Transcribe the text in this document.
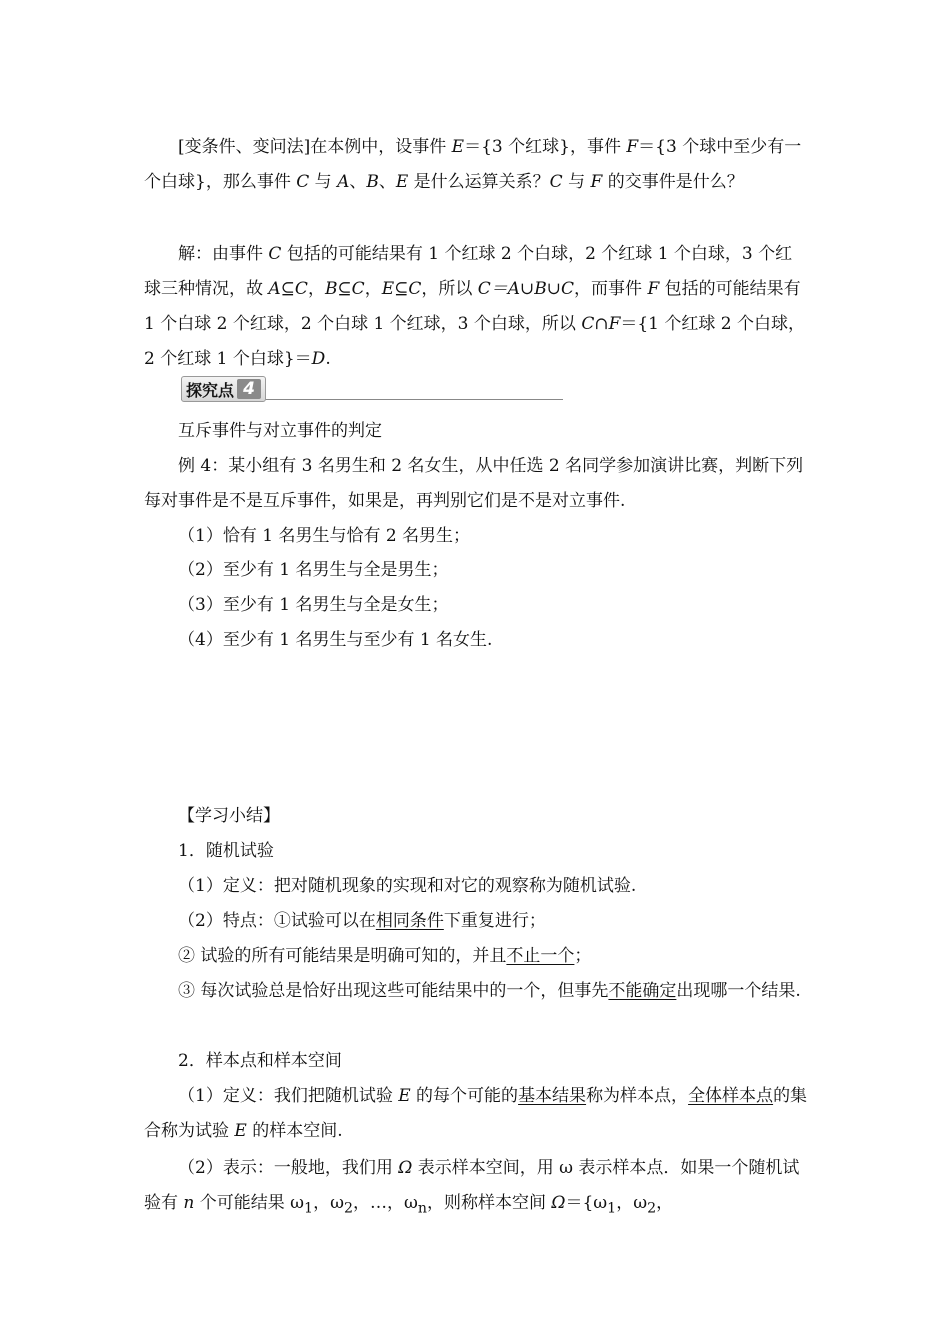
[变条件、变问法]在本例中，设事件 E＝{3 个红球}，事件 F＝{3 个球中至少有一个白球}，那么事件 C 与 A、B、E 是什么运算关系？C 与 F 的交事件是什么？
解：由事件 C 包括的可能结果有 1 个红球 2 个白球，2 个红球 1 个白球，3 个红球三种情况，故 A⊆C，B⊆C，E⊆C，所以 C＝A∪B∪C，而事件 F 包括的可能结果有 1 个白球 2 个红球，2 个白球 1 个红球，3 个白球，所以 C∩F＝{1 个红球 2 个白球，2 个红球 1 个白球}＝D.
探究点 4
互斥事件与对立事件的判定
例 4：某小组有 3 名男生和 2 名女生，从中任选 2 名同学参加演讲比赛，判断下列每对事件是不是互斥事件，如果是，再判别它们是不是对立事件.
（1）恰有 1 名男生与恰有 2 名男生；
（2）至少有 1 名男生与全是男生；
（3）至少有 1 名男生与全是女生；
（4）至少有 1 名男生与至少有 1 名女生.
【学习小结】
1．随机试验
（1）定义：把对随机现象的实现和对它的观察称为随机试验.
（2）特点：①试验可以在相同条件下重复进行；
② 试验的所有可能结果是明确可知的，并且不止一个；
③ 每次试验总是恰好出现这些可能结果中的一个，但事先不能确定出现哪一个结果.
2．样本点和样本空间
（1）定义：我们把随机试验 E 的每个可能的基本结果称为样本点，全体样本点的集合称为试验 E 的样本空间.
（2）表示：一般地，我们用 Ω 表示样本空间，用 ω 表示样本点．如果一个随机试验有 n 个可能结果 $\omega_1$，$\omega_2$，…，$\omega_n$，则称样本空间 $\Omega=\{\omega_1$，$\omega_2$，
